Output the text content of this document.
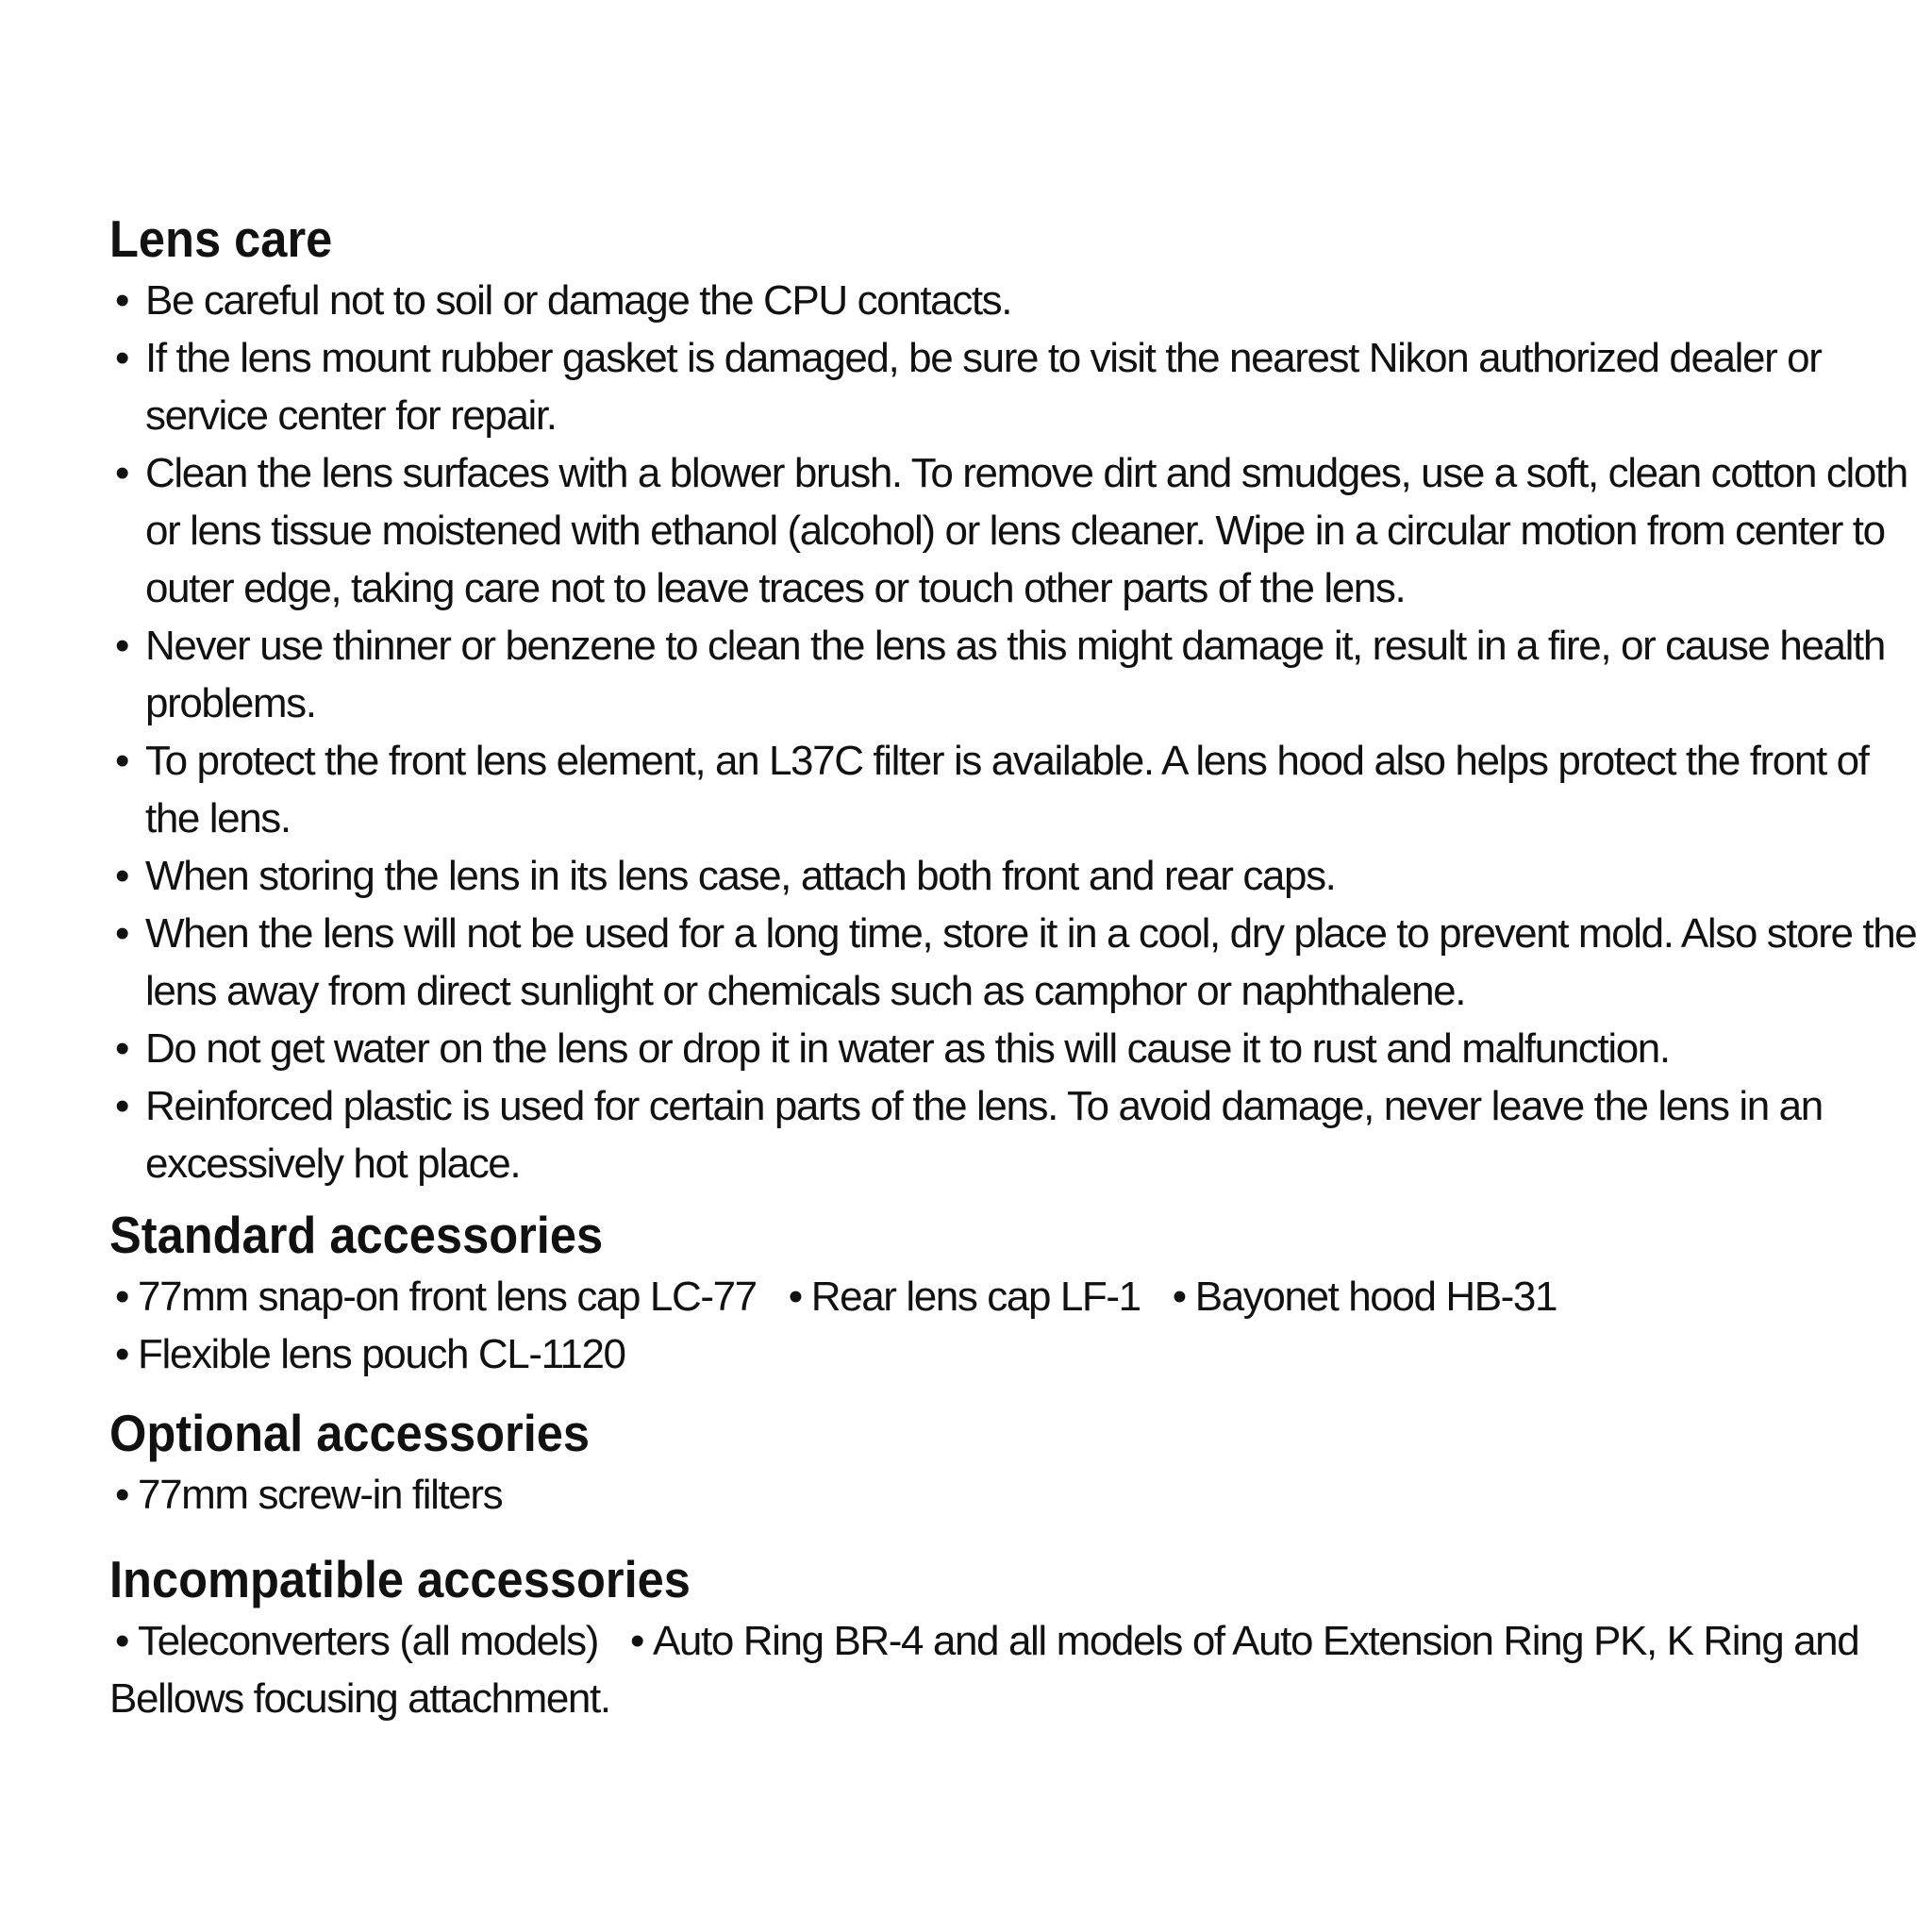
Lens care
• Be careful not to soil or damage the CPU contacts.
• If the lens mount rubber gasket is damaged, be sure to visit the nearest Nikon authorized dealer or service center for repair.
• Clean the lens surfaces with a blower brush. To remove dirt and smudges, use a soft, clean cotton cloth or lens tissue moistened with ethanol (alcohol) or lens cleaner. Wipe in a circular motion from center to outer edge, taking care not to leave traces or touch other parts of the lens.
• Never use thinner or benzene to clean the lens as this might damage it, result in a fire, or cause health problems.
• To protect the front lens element, an L37C filter is available. A lens hood also helps protect the front of the lens.
• When storing the lens in its lens case, attach both front and rear caps.
• When the lens will not be used for a long time, store it in a cool, dry place to prevent mold. Also store the lens away from direct sunlight or chemicals such as camphor or naphthalene.
• Do not get water on the lens or drop it in water as this will cause it to rust and malfunction.
• Reinforced plastic is used for certain parts of the lens. To avoid damage, never leave the lens in an excessively hot place.
Standard accessories
• 77mm snap-on front lens cap LC-77 • Rear lens cap LF-1 • Bayonet hood HB-31
• Flexible lens pouch CL-1120
Optional accessories
• 77mm screw-in filters
Incompatible accessories
• Teleconverters (all models) • Auto Ring BR-4 and all models of Auto Extension Ring PK, K Ring and Bellows focusing attachment.
